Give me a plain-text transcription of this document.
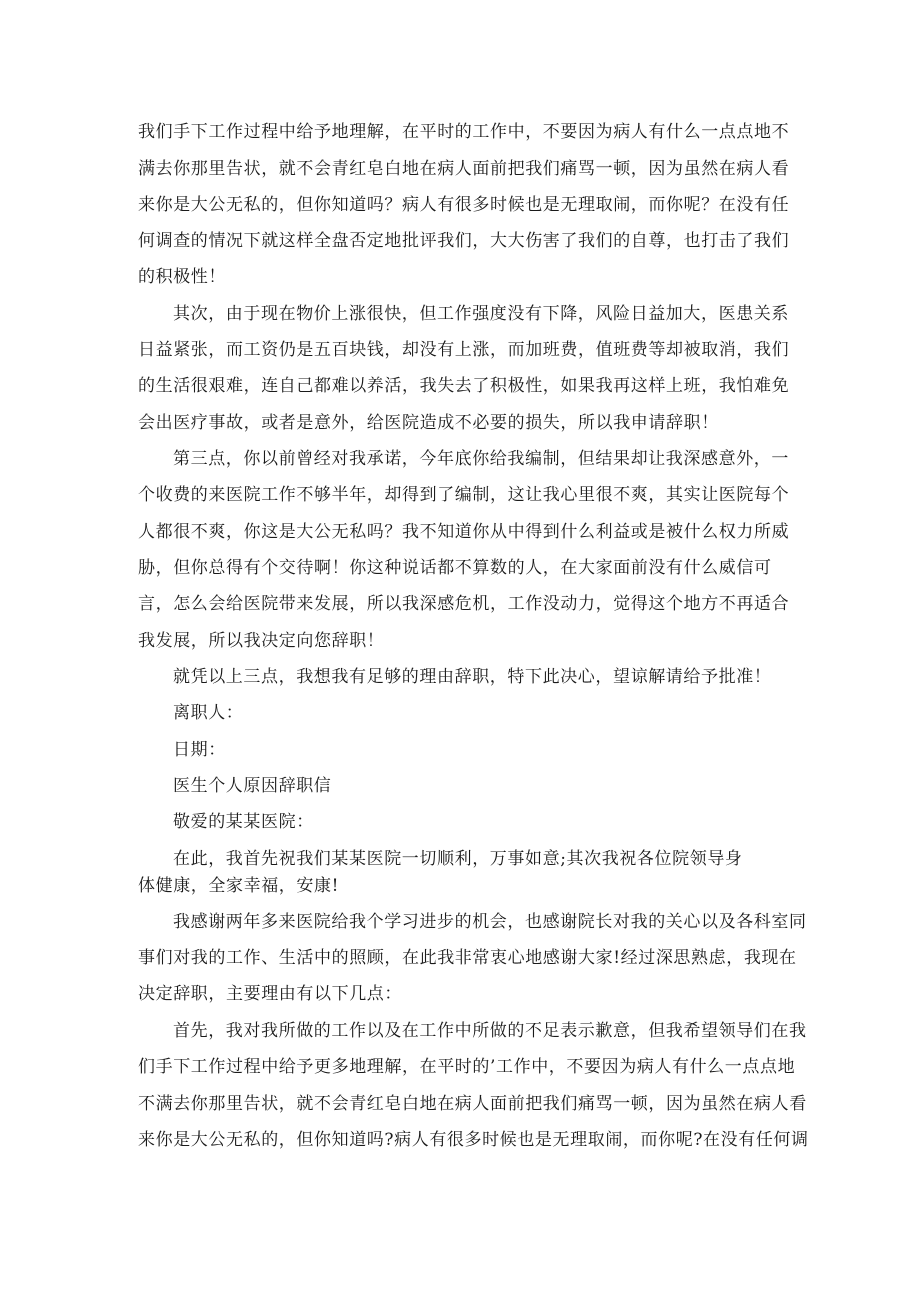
我们手下工作过程中给予地理解，在平时的工作中，不要因为病人有什么一点点地不
满去你那里告状，就不会青红皂白地在病人面前把我们痛骂一顿，因为虽然在病人看
来你是大公无私的，但你知道吗？病人有很多时候也是无理取闹，而你呢？在没有任
何调查的情况下就这样全盘否定地批评我们，大大伤害了我们的自尊，也打击了我们
的积极性！
其次，由于现在物价上涨很快，但工作强度没有下降，风险日益加大，医患关系
日益紧张，而工资仍是五百块钱，却没有上涨，而加班费，值班费等却被取消，我们
的生活很艰难，连自己都难以养活，我失去了积极性，如果我再这样上班，我怕难免
会出医疗事故，或者是意外，给医院造成不必要的损失，所以我申请辞职！
第三点，你以前曾经对我承诺，今年底你给我编制，但结果却让我深感意外，一
个收费的来医院工作不够半年，却得到了编制，这让我心里很不爽，其实让医院每个
人都很不爽，你这是大公无私吗？我不知道你从中得到什么利益或是被什么权力所威
胁，但你总得有个交待啊！你这种说话都不算数的人，在大家面前没有什么威信可
言，怎么会给医院带来发展，所以我深感危机，工作没动力，觉得这个地方不再适合
我发展，所以我决定向您辞职！
就凭以上三点，我想我有足够的理由辞职，特下此决心，望谅解请给予批准！
离职人：
日期：
医生个人原因辞职信
敬爱的某某医院：
在此，我首先祝我们某某医院一切顺利，万事如意;其次我祝各位院领导身
体健康，全家幸福，安康!
我感谢两年多来医院给我个学习进步的机会，也感谢院长对我的关心以及各科室同
事们对我的工作、生活中的照顾，在此我非常衷心地感谢大家!经过深思熟虑，我现在
决定辞职，主要理由有以下几点：
首先，我对我所做的工作以及在工作中所做的不足表示歉意，但我希望领导们在我
们手下工作过程中给予更多地理解，在平时的’工作中，不要因为病人有什么一点点地
不满去你那里告状，就不会青红皂白地在病人面前把我们痛骂一顿，因为虽然在病人看
来你是大公无私的，但你知道吗?病人有很多时候也是无理取闹，而你呢?在没有任何调
